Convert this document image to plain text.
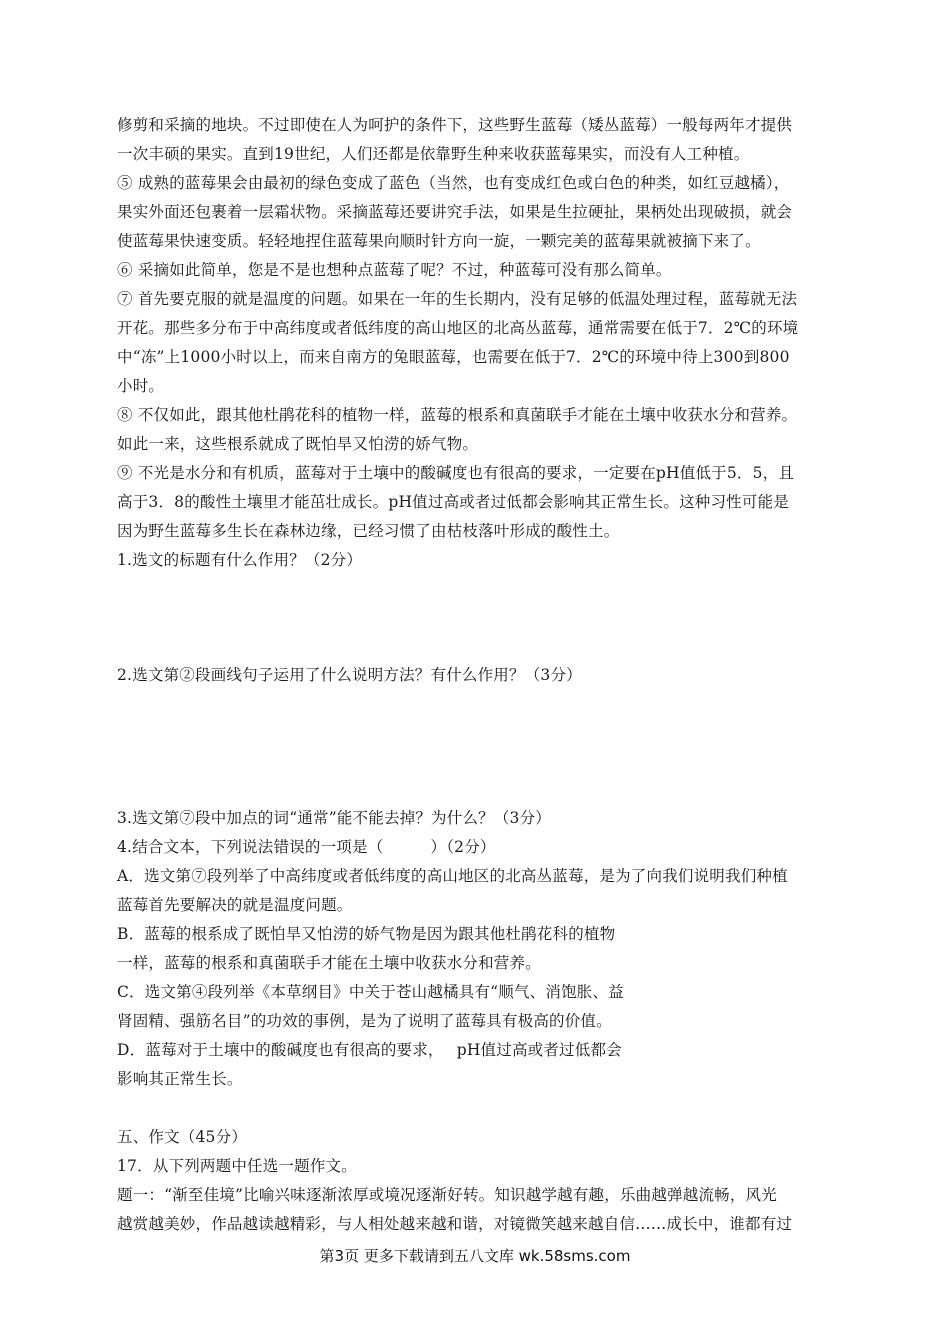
修剪和采摘的地块。不过即使在人为呵护的条件下，这些野生蓝莓（矮丛蓝莓）一般每两年才提供
一次丰硕的果实。直到19世纪，人们还都是依靠野生种来收获蓝莓果实，而没有人工种植。
⑤ 成熟的蓝莓果会由最初的绿色变成了蓝色（当然，也有变成红色或白色的种类，如红豆越橘），
果实外面还包裹着一层霜状物。采摘蓝莓还要讲究手法，如果是生拉硬扯，果柄处出现破损，就会
使蓝莓果快速变质。轻轻地捏住蓝莓果向顺时针方向一旋，一颗完美的蓝莓果就被摘下来了。
⑥ 采摘如此简单，您是不是也想种点蓝莓了呢？不过，种蓝莓可没有那么简单。
⑦ 首先要克服的就是温度的问题。如果在一年的生长期内，没有足够的低温处理过程，蓝莓就无法
开花。那些多分布于中高纬度或者低纬度的高山地区的北高丛蓝莓，通常需要在低于7．2℃的环境
中“冻”上1000小时以上，而来自南方的兔眼蓝莓，也需要在低于7．2℃的环境中待上300到800
小时。
⑧ 不仅如此，跟其他杜鹃花科的植物一样，蓝莓的根系和真菌联手才能在土壤中收获水分和营养。
如此一来，这些根系就成了既怕旱又怕涝的娇气物。
⑨ 不光是水分和有机质，蓝莓对于土壤中的酸碱度也有很高的要求，一定要在pH值低于5．5，且
高于3．8的酸性土壤里才能茁壮成长。pH值过高或者过低都会影响其正常生长。这种习性可能是
因为野生蓝莓多生长在森林边缘，已经习惯了由枯枝落叶形成的酸性土。
1.选文的标题有什么作用？（2分）
2.选文第②段画线句子运用了什么说明方法？有什么作用？（3分）
3.选文第⑦段中加点的词“通常”能不能去掉？为什么？（3分）
4.结合文本，下列说法错误的一项是（　　　）（2分）
A．选文第⑦段列举了中高纬度或者低纬度的高山地区的北高丛蓝莓，是为了向我们说明我们种植
蓝莓首先要解决的就是温度问题。
B．蓝莓的根系成了既怕旱又怕涝的娇气物是因为跟其他杜鹃花科的植物
一样，蓝莓的根系和真菌联手才能在土壤中收获水分和营养。
C．选文第④段列举《本草纲目》中关于苍山越橘具有“顺气、消饱胀、益
肾固精、强筋名目”的功效的事例，是为了说明了蓝莓具有极高的价值。
D．蓝莓对于土壤中的酸碱度也有很高的要求，　 pH值过高或者过低都会
影响其正常生长。
五、作文（45分）
17．从下列两题中任选一题作文。
题一：“渐至佳境”比喻兴味逐渐浓厚或境况逐渐好转。知识越学越有趣，乐曲越弹越流畅，风光
越赏越美妙，作品越读越精彩，与人相处越来越和谐，对镜微笑越来越自信……成长中，谁都有过
第3页 更多下载请到五八文库 wk.58sms.com
